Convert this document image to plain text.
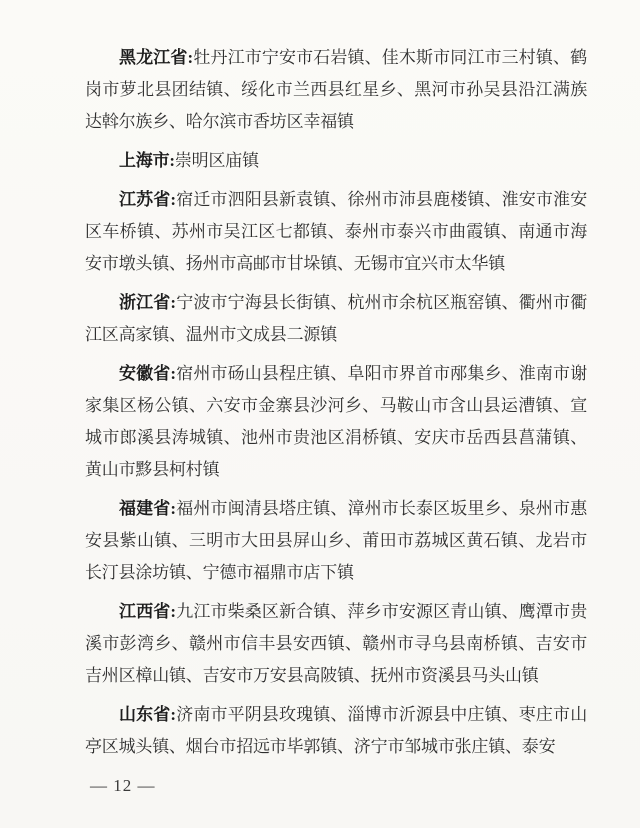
黑龙江省:牡丹江市宁安市石岩镇、佳木斯市同江市三村镇、鹤岗市萝北县团结镇、绥化市兰西县红星乡、黑河市孙吴县沿江满族达斡尔族乡、哈尔滨市香坊区幸福镇

上海市:崇明区庙镇

江苏省:宿迁市泗阳县新袁镇、徐州市沛县鹿楼镇、淮安市淮安区车桥镇、苏州市吴江区七都镇、泰州市泰兴市曲霞镇、南通市海安市墩头镇、扬州市高邮市甘垛镇、无锡市宜兴市太华镇

浙江省:宁波市宁海县长街镇、杭州市余杭区瓶窑镇、衢州市衢江区高家镇、温州市文成县二源镇

安徽省:宿州市砀山县程庄镇、阜阳市界首市邴集乡、淮南市谢家集区杨公镇、六安市金寨县沙河乡、马鞍山市含山县运漕镇、宣城市郎溪县涛城镇、池州市贵池区涓桥镇、安庆市岳西县菖蒲镇、黄山市黟县柯村镇

福建省:福州市闽清县塔庄镇、漳州市长泰区坂里乡、泉州市惠安县紫山镇、三明市大田县屏山乡、莆田市荔城区黄石镇、龙岩市长汀县涂坊镇、宁德市福鼎市店下镇

江西省:九江市柴桑区新合镇、萍乡市安源区青山镇、鹰潭市贵溪市彭湾乡、赣州市信丰县安西镇、赣州市寻乌县南桥镇、吉安市吉州区樟山镇、吉安市万安县高陂镇、抚州市资溪县马头山镇

山东省:济南市平阴县玫瑰镇、淄博市沂源县中庄镇、枣庄市山亭区城头镇、烟台市招远市毕郭镇、济宁市邹城市张庄镇、泰安

— 12 —
